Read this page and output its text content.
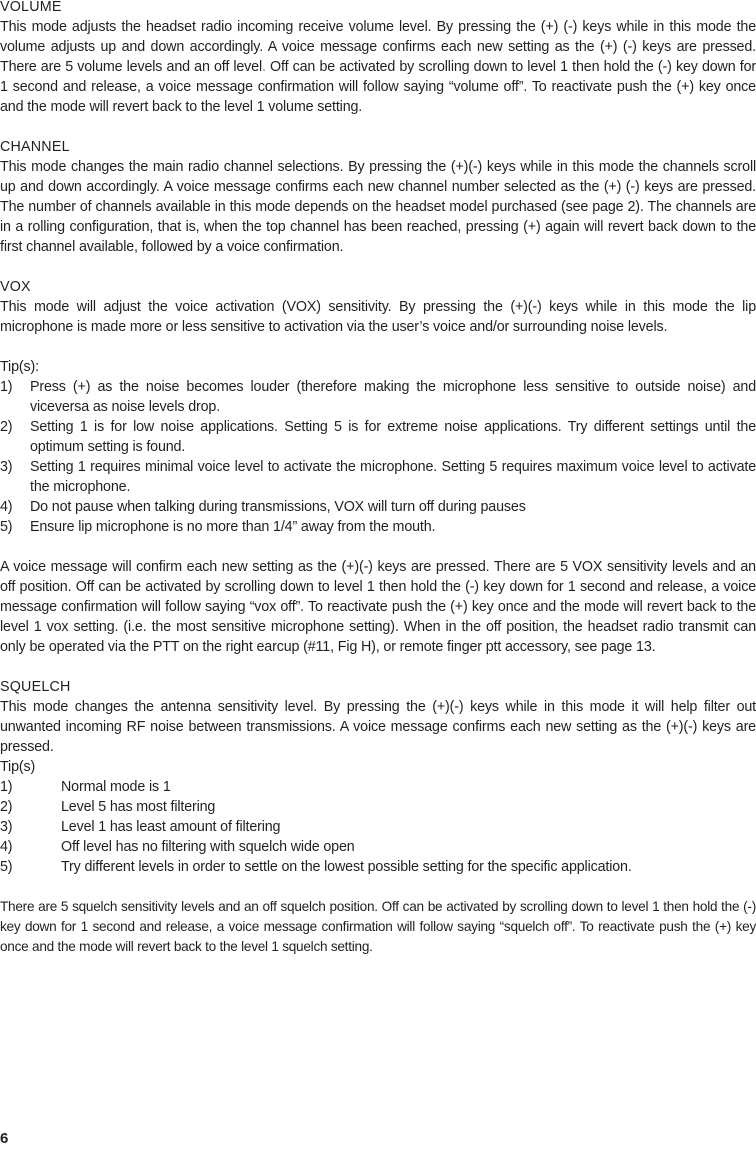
VOLUME

This mode adjusts the headset radio incoming receive volume level. By pressing the (+) (-) keys while in this mode the volume adjusts up and down accordingly. A voice message confirms each new setting as the (+) (-) keys are pressed. There are 5 volume levels and an off level. Off can be activated by scrolling down to level 1 then hold the (-) key down for 1 second and release, a voice message confirmation will follow saying “volume off”. To reactivate push the (+) key once and the mode will revert back to the level 1 volume setting.

CHANNEL

This mode changes the main radio channel selections. By pressing the (+)(-) keys while in this mode the channels scroll up and down accordingly. A voice message confirms each new channel number selected as the (+) (-) keys are pressed. The number of channels available in this mode depends on the headset model purchased (see page 2). The channels are in a rolling configuration, that is, when the top channel has been reached, pressing (+) again will revert back down to the first channel available, followed by a voice confirmation.

VOX

This mode will adjust the voice activation (VOX) sensitivity. By pressing the (+)(-) keys while in this mode the lip microphone is made more or less sensitive to activation via the user’s voice and/or surrounding noise levels.

Tip(s):

1) Press (+) as the noise becomes louder (therefore making the microphone less sensitive to outside noise) and viceversa as noise levels drop.
2) Setting 1 is for low noise applications. Setting 5 is for extreme noise applications. Try different settings until the optimum setting is found.
3) Setting 1 requires minimal voice level to activate the microphone. Setting 5 requires maximum voice level to activate the microphone.
4) Do not pause when talking during transmissions, VOX will turn off during pauses
5) Ensure lip microphone is no more than 1/4” away from the mouth.

A voice message will confirm each new setting as the (+)(-) keys are pressed. There are 5 VOX sensitivity levels and an off position. Off can be activated by scrolling down to level 1 then hold the (-) key down for 1 second and release, a voice message confirmation will follow saying “vox off”. To reactivate push the (+) key once and the mode will revert back to the level 1 vox setting. (i.e. the most sensitive microphone setting). When in the off position, the headset radio transmit can only be operated via the PTT on the right earcup (#11, Fig H), or remote finger ptt accessory, see page 13.

SQUELCH

This mode changes the antenna sensitivity level. By pressing the (+)(-) keys while in this mode it will help filter out unwanted incoming RF noise between transmissions. A voice message confirms each new setting as the (+)(-) keys are pressed.

Tip(s)

1)	Normal mode is 1
2)	Level 5 has most filtering
3)	Level 1 has least amount of filtering
4)	Off level has no filtering with squelch wide open
5)	Try different levels in order to settle on the lowest possible setting for the specific application.

There are 5 squelch sensitivity levels and an off squelch position. Off can be activated by scrolling down to level 1 then hold the (-) key down for 1 second and release, a voice message confirmation will follow saying “squelch off”. To reactivate push the (+) key once and the mode will revert back to the level 1 squelch setting.

6
